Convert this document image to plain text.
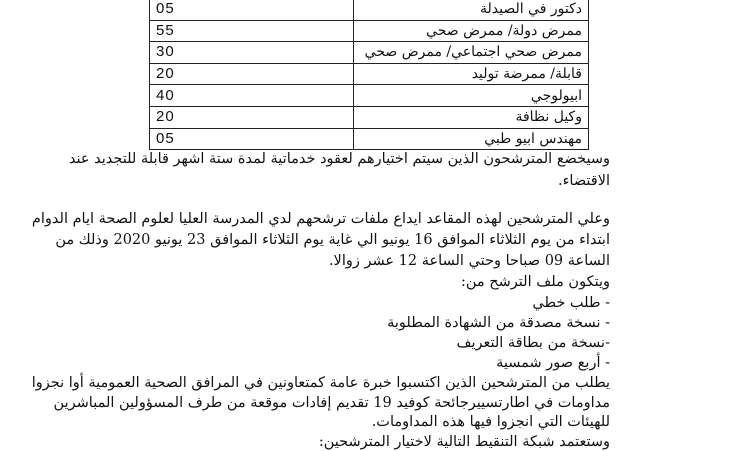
دكتور في الصيدلة	05
ممرض دولة/ ممرض صحي	55
ممرض صحي اجتماعي/ ممرض صحي	30
قابلة/ ممرضة توليد	20
ابيولوجي	40
وكيل نظافة	20
مهندس ابيو طبي	05
وسيخضع المترشحون الذين سيتم اختيارهم لعقود خدماتية لمدة ستة اشهر قابلة للتجديد عند
الاقتضاء.
وعلي المترشحين لهذه المقاعد ايداع ملفات ترشحهم لدي المدرسة العليا لعلوم الصحة ايام الدوام
ابتداء من يوم الثلاثاء الموافق 16 يونيو الي غاية يوم الثلاثاء الموافق 23 يونيو 2020 وذلك من
الساعة 09 صباحا وحتي الساعة 12 عشر زوالا.
ويتكون ملف الترشح من:
- طلب خطي
- نسخة مصدقة من الشهادة المطلوبة
-نسخة من بطاقة التعريف
- أربع صور شمسية
يطلب من المترشحين الذين اكتسبوا خبرة عامة كمتعاونين في المرافق الصحية العمومية أوا نجزوا
مداومات في اطارتسييرجائحة كوفيد 19 تقديم إفادات موقعة من طرف المسؤولين المباشرين
للهيئات التي انجزوا فيها هذه المداومات.
وستعتمد شبكة التنقيط التالية لاختيار المترشحين:
